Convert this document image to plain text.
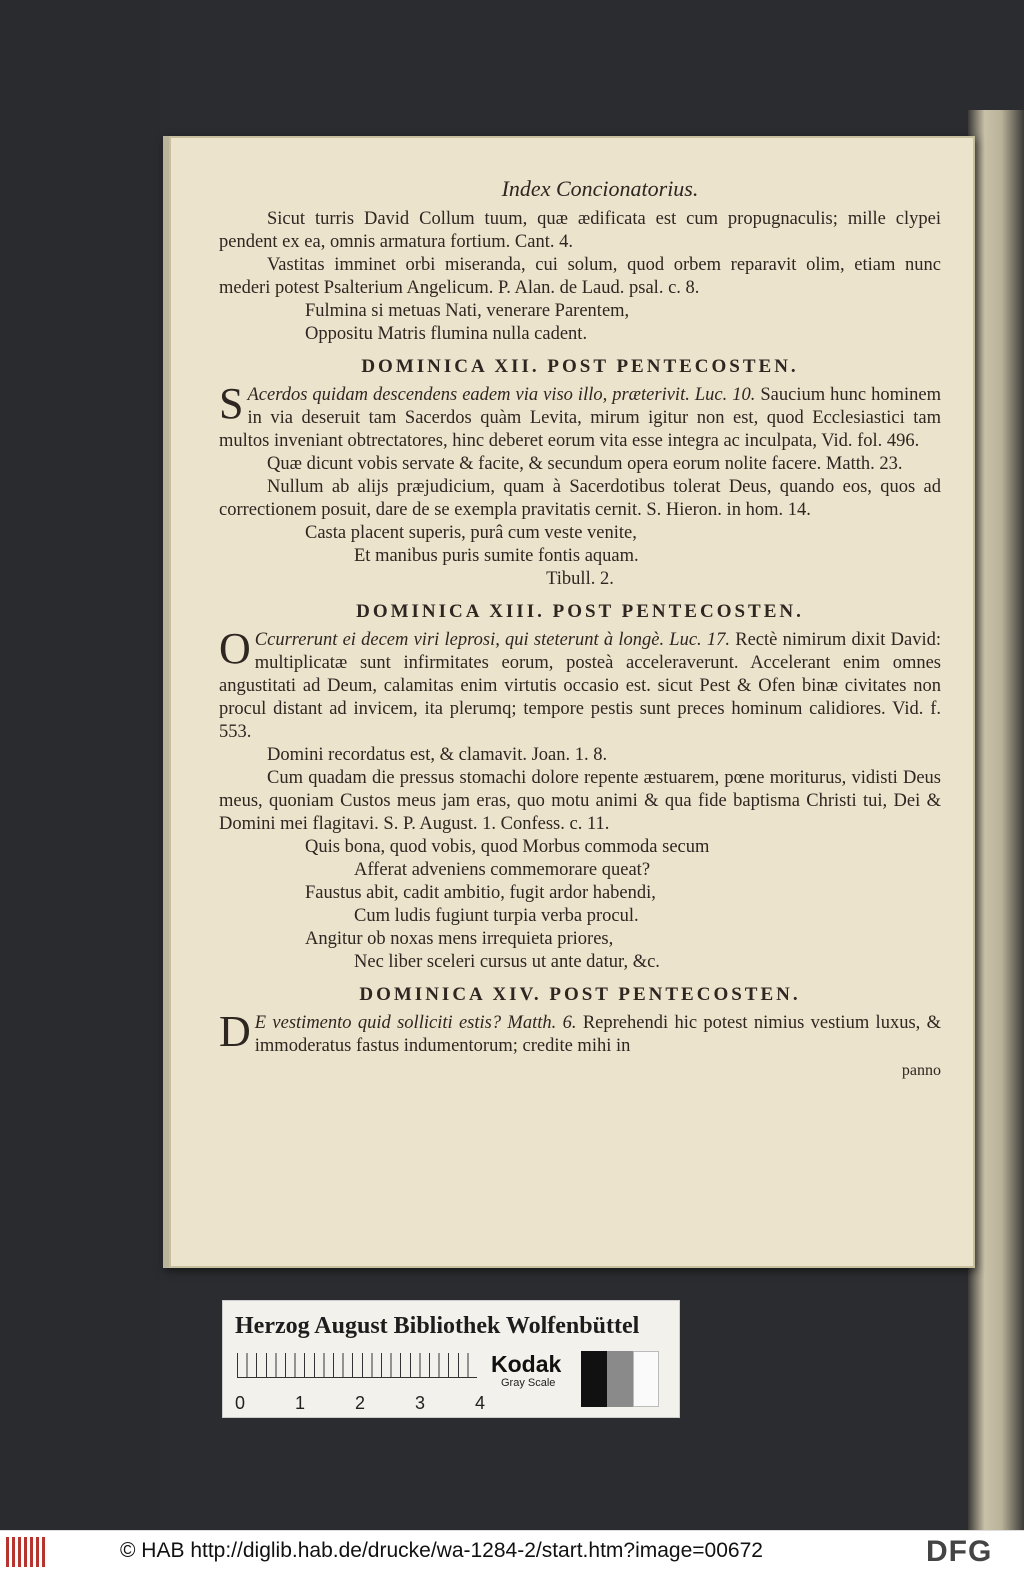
Index Concionatorius.

Sicut turris David Collum tuum, quæ ædificata est cum propugnaculis; mille clypei pendent ex ea, omnis armatura fortium. Cant. 4.

Vastitas imminet orbi miseranda, cui solum, quod orbem reparavit olim, etiam nunc mederi potest Psalterium Angelicum. P. Alan. de Laud. psal. c. 8.

Fulmina si metuas Nati, venerare Parentem,

Oppositu Matris flumina nulla cadent.

DOMINICA XII. POST PENTECOSTEN.

S Acerdos quidam descendens eadem via viso illo, præterivit. Luc. 10. Saucium hunc hominem in via deseruit tam Sacerdos quàm Levita, mirum igitur non est, quod Ecclesiastici tam multos inveniant obtrectatores, hinc deberet eorum vita esse integra ac inculpata, Vid. fol. 496.

Quæ dicunt vobis servate & facite, & secundum opera eorum nolite facere. Matth. 23.

Nullum ab alijs præjudicium, quam à Sacerdotibus tolerat Deus, quando eos, quos ad correctionem posuit, dare de se exempla pravitatis cernit. S. Hieron. in hom. 14.

Casta placent superis, purâ cum veste venite,

Et manibus puris sumite fontis aquam.

Tibull. 2.

DOMINICA XIII. POST PENTECOSTEN.

O Ccurrerunt ei decem viri leprosi, qui steterunt à longè. Luc. 17. Rectè nimirum dixit David: multiplicatæ sunt infirmitates eorum, posteà acceleraverunt. Accelerant enim omnes angustitati ad Deum, calamitas enim virtutis occasio est. sicut Pest & Ofen binæ civitates non procul distant ad invicem, ita plerumq; tempore pestis sunt preces hominum calidiores. Vid. f. 553.

Domini recordatus est, & clamavit. Joan. 1. 8.

Cum quadam die pressus stomachi dolore repente æstuarem, pœne moriturus, vidisti Deus meus, quoniam Custos meus jam eras, quo motu animi & qua fide baptisma Christi tui, Dei & Domini mei flagitavi. S. P. August. 1. Confess. c. 11.

Quis bona, quod vobis, quod Morbus commoda secum

Afferat adveniens commemorare queat?

Faustus abit, cadit ambitio, fugit ardor habendi,

Cum ludis fugiunt turpia verba procul.

Angitur ob noxas mens irrequieta priores,

Nec liber sceleri cursus ut ante datur, &c.

DOMINICA XIV. POST PENTECOSTEN.

D E vestimento quid solliciti estis? Matth. 6. Reprehendi hic potest nimius vestium luxus, & immoderatus fastus indumentorum; credite mihi in

panno

Herzog August Bibliothek Wolfenbüttel
0	1	2	3	4
Kodak
Gray Scale
© HAB http://diglib.hab.de/drucke/wa-1284-2/start.htm?image=00672	DFG
